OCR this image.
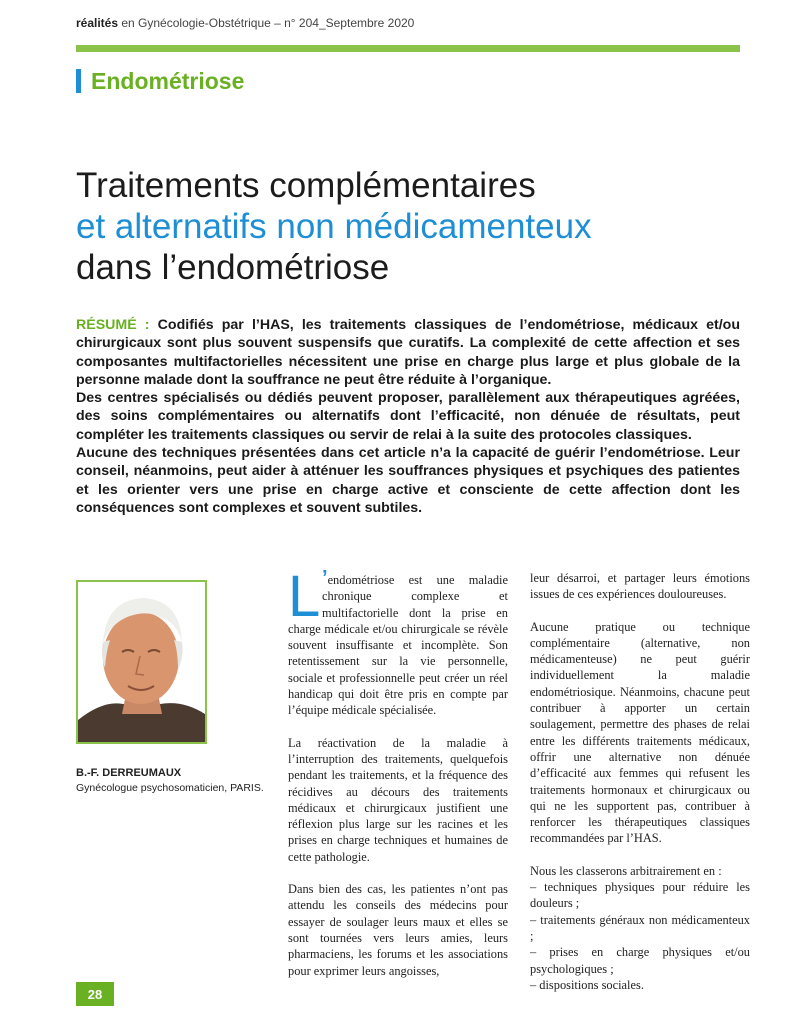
réalités en Gynécologie-Obstétrique – n° 204_Septembre 2020
Endométriose
Traitements complémentaires
et alternatifs non médicamenteux
dans l’endométriose

RÉSUMÉ : Codifiés par l’HAS, les traitements classiques de l’endométriose, médicaux et/ou chirurgicaux sont plus souvent suspensifs que curatifs. La complexité de cette affection et ses composantes multifactorielles nécessitent une prise en charge plus large et plus globale de la personne malade dont la souffrance ne peut être réduite à l’organique.

Des centres spécialisés ou dédiés peuvent proposer, parallèlement aux thérapeutiques agréées, des soins complémentaires ou alternatifs dont l’efficacité, non dénuée de résultats, peut compléter les traitements classiques ou servir de relai à la suite des protocoles classiques.

Aucune des techniques présentées dans cet article n’a la capacité de guérir l’endométriose. Leur conseil, néanmoins, peut aider à atténuer les souffrances physiques et psychiques des patientes et les orienter vers une prise en charge active et consciente de cette affection dont les conséquences sont complexes et souvent subtiles.

B.-F. DERREUMAUX
Gynécologue psychosomaticien, PARIS.

L ’endométriose est une maladie chronique complexe et multifactorielle dont la prise en charge médicale et/ou chirurgicale se révèle souvent insuffisante et incomplète. Son retentissement sur la vie personnelle, sociale et professionnelle peut créer un réel handicap qui doit être pris en compte par l’équipe médicale spécialisée.

La réactivation de la maladie à l’interruption des traitements, quelquefois pendant les traitements, et la fréquence des récidives au décours des traitements médicaux et chirurgicaux justifient une réflexion plus large sur les racines et les prises en charge techniques et humaines de cette pathologie.

Dans bien des cas, les patientes n’ont pas attendu les conseils des médecins pour essayer de soulager leurs maux et elles se sont tournées vers leurs amies, leurs pharmaciens, les forums et les associations pour exprimer leurs angoisses,

leur désarroi, et partager leurs émotions issues de ces expériences douloureuses.

Aucune pratique ou technique complémentaire (alternative, non médicamenteuse) ne peut guérir individuellement la maladie endométriosique. Néanmoins, chacune peut contribuer à apporter un certain soulagement, permettre des phases de relai entre les différents traitements médicaux, offrir une alternative non dénuée d’efficacité aux femmes qui refusent les traitements hormonaux et chirurgicaux ou qui ne les supportent pas, contribuer à renforcer les thérapeutiques classiques recommandées par l’HAS.

Nous les classerons arbitrairement en :

– techniques physiques pour réduire les douleurs ;
– traitements généraux non médicamenteux ;
– prises en charge physiques et/ou psychologiques ;
– dispositions sociales.
28
